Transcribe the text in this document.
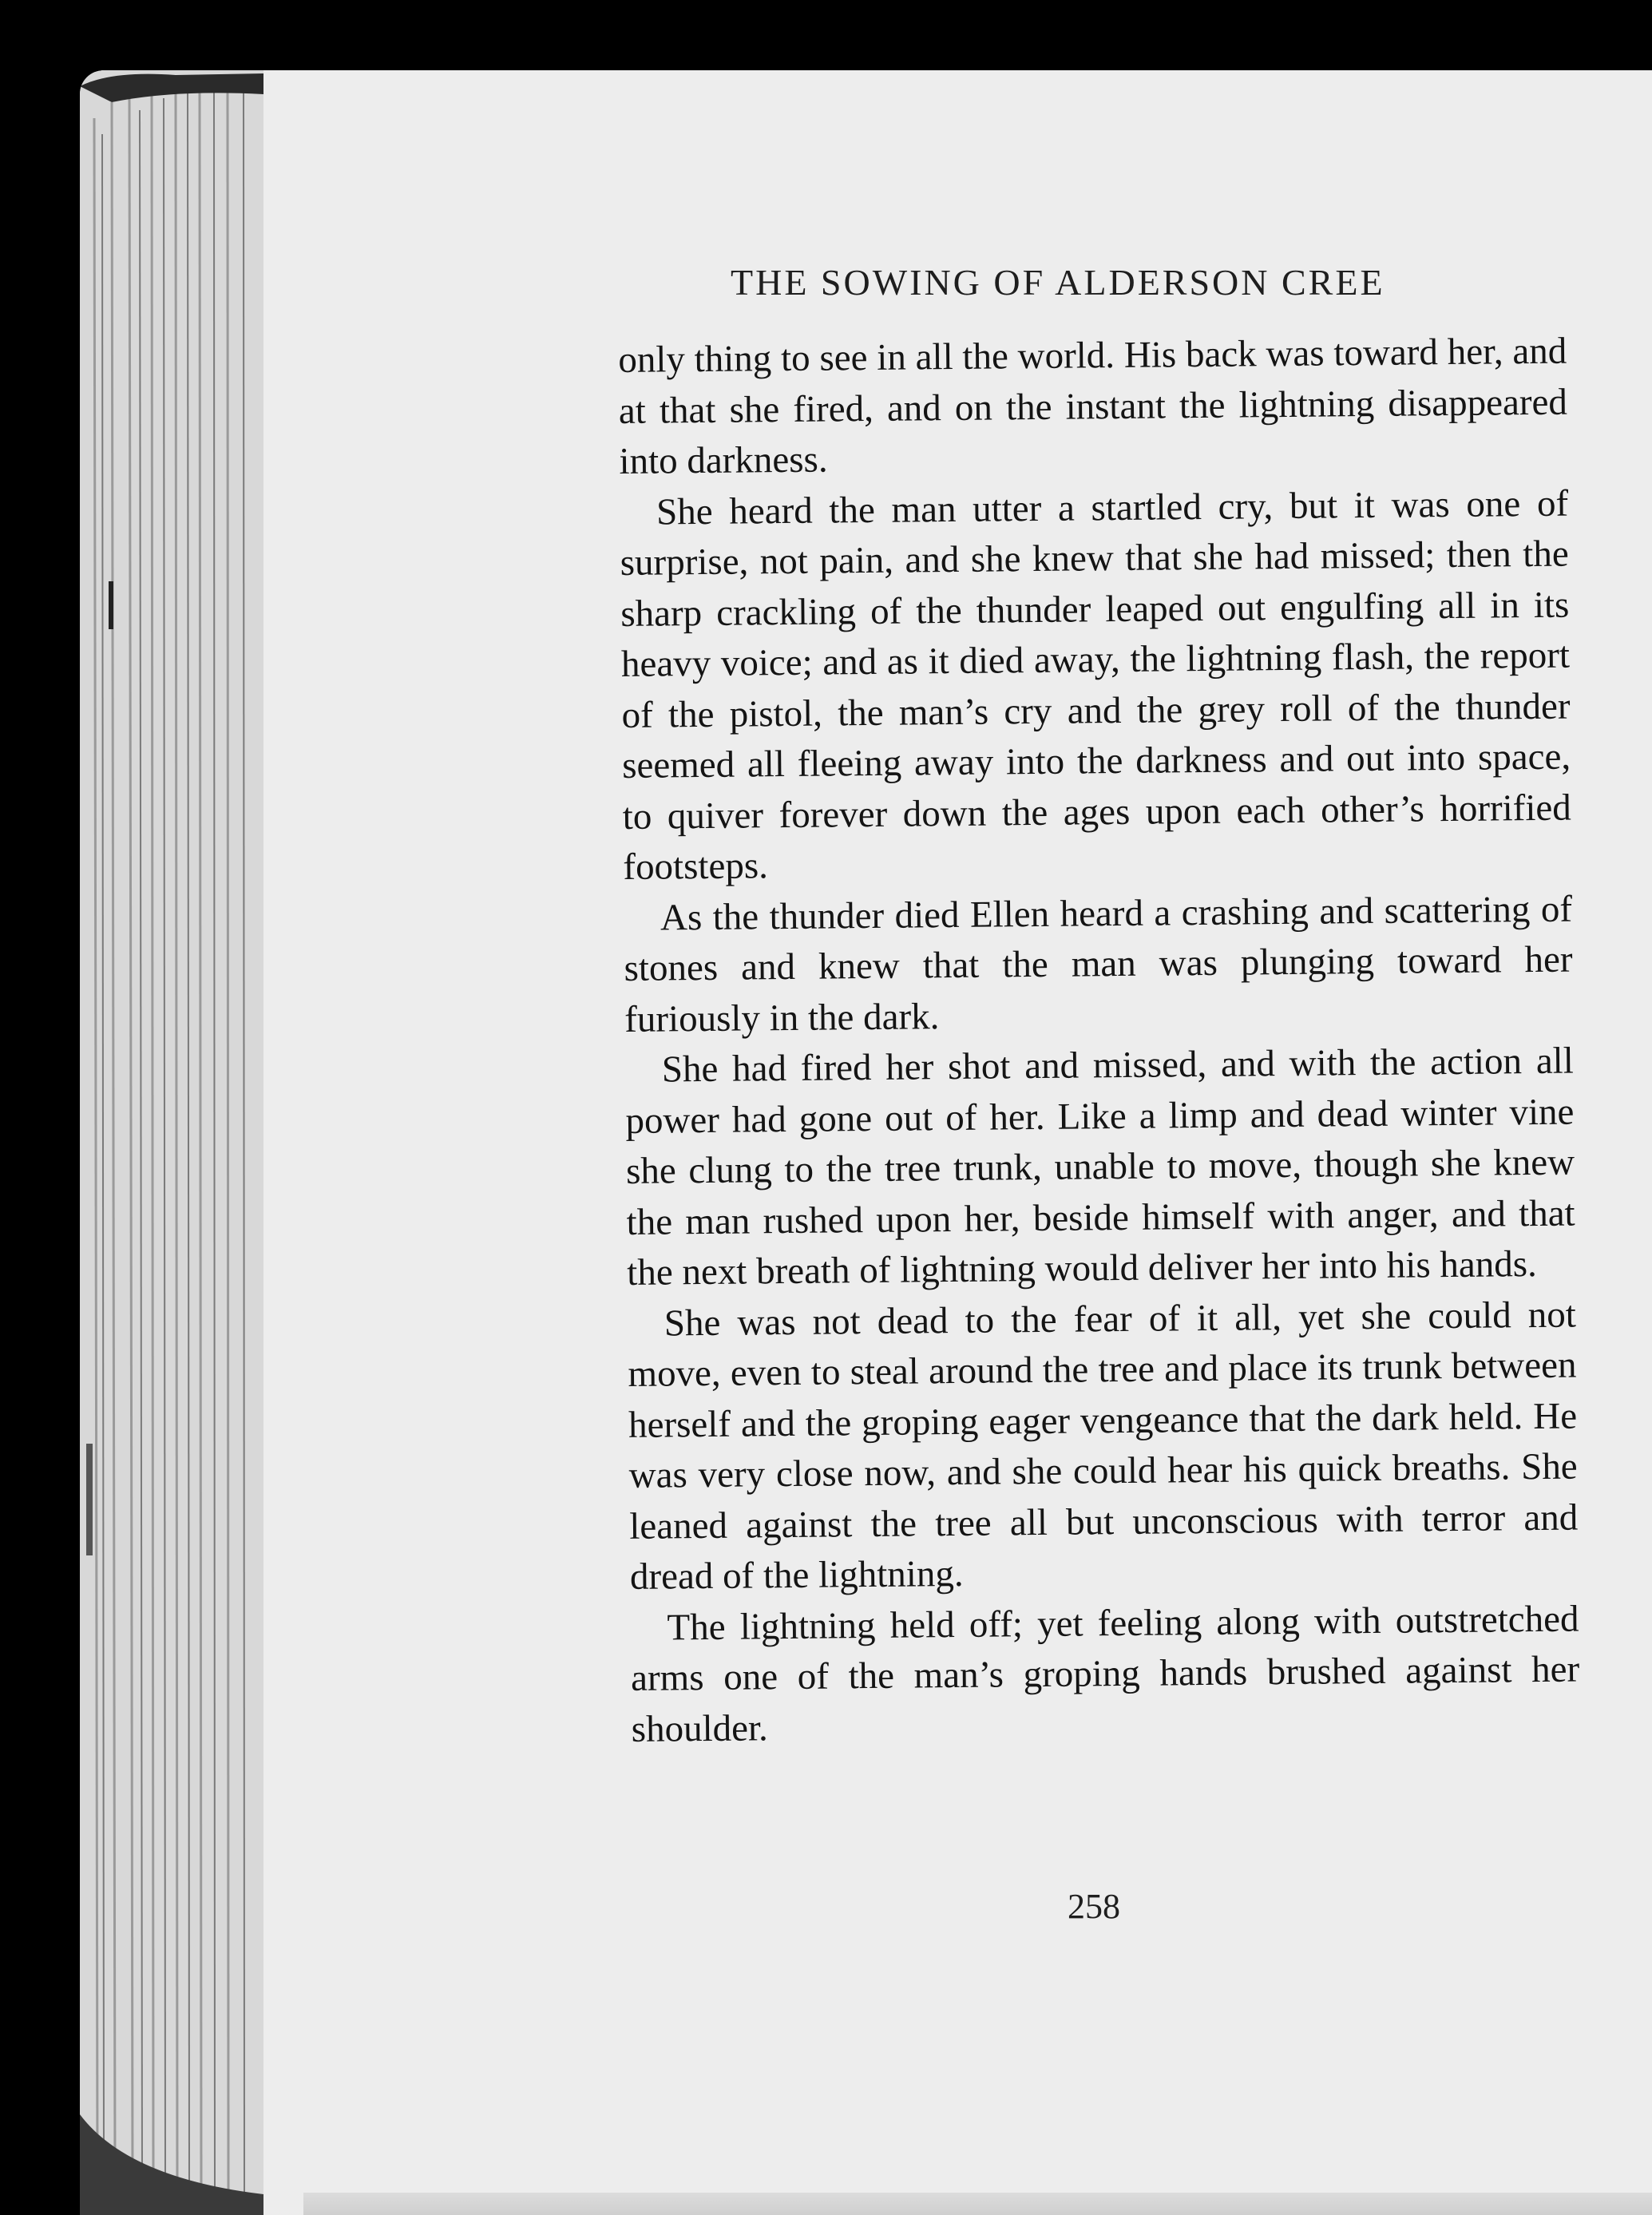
THE SOWING OF ALDERSON CREE

only thing to see in all the world. His back was toward her, and at that she fired, and on the instant the lightning disappeared into darkness.

She heard the man utter a startled cry, but it was one of surprise, not pain, and she knew that she had missed; then the sharp crackling of the thunder leaped out engulfing all in its heavy voice; and as it died away, the lightning flash, the report of the pistol, the man’s cry and the grey roll of the thunder seemed all fleeing away into the darkness and out into space, to quiver forever down the ages upon each other’s horrified footsteps.

As the thunder died Ellen heard a crashing and scattering of stones and knew that the man was plunging toward her furiously in the dark.

She had fired her shot and missed, and with the action all power had gone out of her. Like a limp and dead winter vine she clung to the tree trunk, unable to move, though she knew the man rushed upon her, beside himself with anger, and that the next breath of lightning would deliver her into his hands.

She was not dead to the fear of it all, yet she could not move, even to steal around the tree and place its trunk between herself and the groping eager vengeance that the dark held. He was very close now, and she could hear his quick breaths. She leaned against the tree all but unconscious with terror and dread of the lightning.

The lightning held off; yet feeling along with outstretched arms one of the man’s groping hands brushed against her shoulder.

258
